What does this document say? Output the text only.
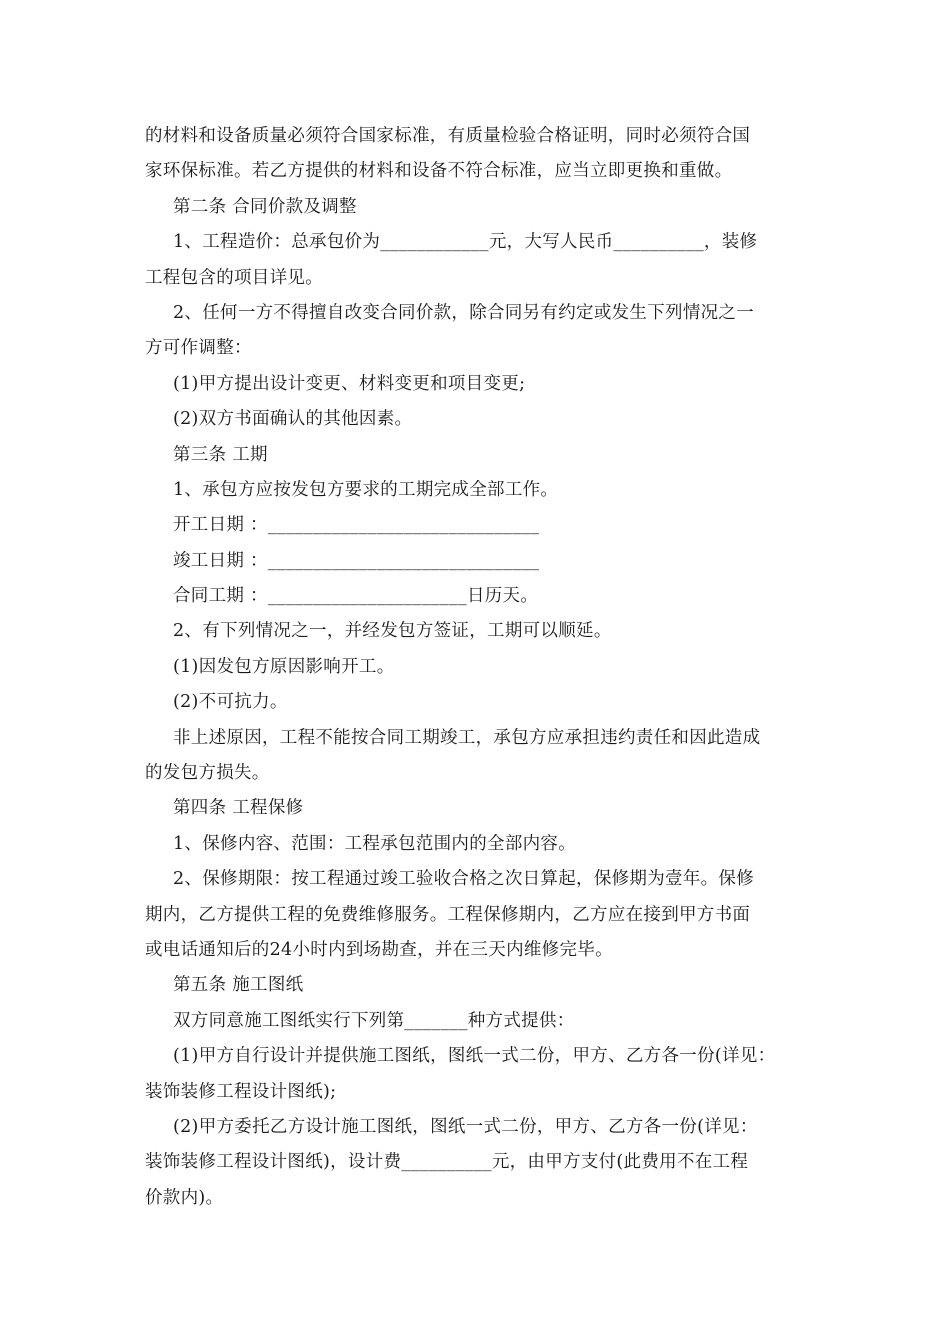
的材料和设备质量必须符合国家标准，有质量检验合格证明，同时必须符合国
家环保标准。若乙方提供的材料和设备不符合标准，应当立即更换和重做。
第二条 合同价款及调整
1、工程造价：总承包价为____________元，大写人民币__________，装修
工程包含的项目详见。
2、任何一方不得擅自改变合同价款，除合同另有约定或发生下列情况之一
方可作调整：
(1)甲方提出设计变更、材料变更和项目变更;
(2)双方书面确认的其他因素。
第三条 工期
1、承包方应按发包方要求的工期完成全部工作。
开工日期 ：______________________________
竣工日期 ：______________________________
合同工期 ：______________________日历天。
2、有下列情况之一，并经发包方签证，工期可以顺延。
(1)因发包方原因影响开工。
(2)不可抗力。
非上述原因，工程不能按合同工期竣工，承包方应承担违约责任和因此造成
的发包方损失。
第四条 工程保修
1、保修内容、范围：工程承包范围内的全部内容。
2、保修期限：按工程通过竣工验收合格之次日算起，保修期为壹年。保修
期内，乙方提供工程的免费维修服务。工程保修期内，乙方应在接到甲方书面
或电话通知后的24小时内到场勘查，并在三天内维修完毕。
第五条 施工图纸
双方同意施工图纸实行下列第_______种方式提供：
(1)甲方自行设计并提供施工图纸，图纸一式二份，甲方、乙方各一份(详见：
装饰装修工程设计图纸);
(2)甲方委托乙方设计施工图纸，图纸一式二份，甲方、乙方各一份(详见：
装饰装修工程设计图纸)，设计费__________元，由甲方支付(此费用不在工程
价款内)。
